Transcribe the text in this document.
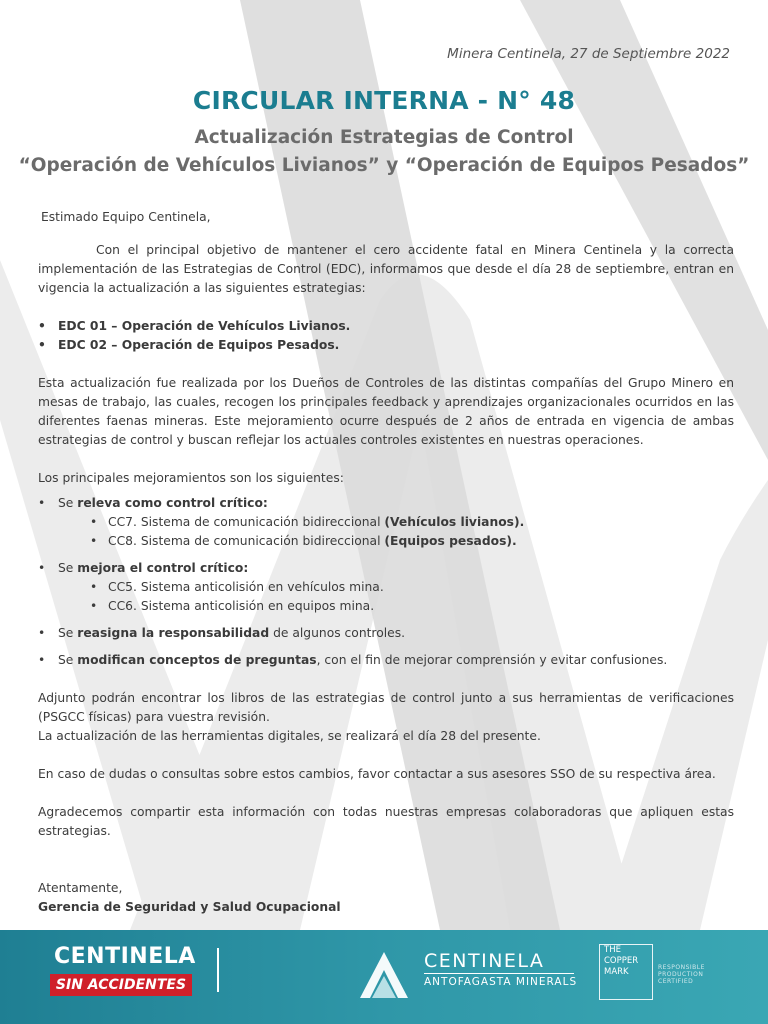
Minera Centinela, 27 de Septiembre 2022
CIRCULAR INTERNA - N° 48
Actualización Estrategias de Control
“Operación de Vehículos Livianos” y “Operación de Equipos Pesados”

Estimado Equipo Centinela,

Con el principal objetivo de mantener el cero accidente fatal en Minera Centinela y la correcta implementación de las Estrategias de Control (EDC), informamos que desde el día 28 de septiembre, entran en vigencia la actualización a las siguientes estrategias:

• EDC 01 – Operación de Vehículos Livianos.
• EDC 02 – Operación de Equipos Pesados.

Esta actualización fue realizada por los Dueños de Controles de las distintas compañías del Grupo Minero en mesas de trabajo, las cuales, recogen los principales feedback y aprendizajes organizacionales ocurridos en las diferentes faenas mineras. Este mejoramiento ocurre después de 2 años de entrada en vigencia de ambas estrategias de control y buscan reflejar los actuales controles existentes en nuestras operaciones.

Los principales mejoramientos son los siguientes:

• Se releva como control crítico:
• CC7. Sistema de comunicación bidireccional (Vehículos livianos).
• CC8. Sistema de comunicación bidireccional (Equipos pesados).
• Se mejora el control crítico:
• CC5. Sistema anticolisión en vehículos mina.
• CC6. Sistema anticolisión en equipos mina.
• Se reasigna la responsabilidad de algunos controles.
• Se modifican conceptos de preguntas, con el fin de mejorar comprensión y evitar confusiones.

Adjunto podrán encontrar los libros de las estrategias de control junto a sus herramientas de verificaciones (PSGCC físicas) para vuestra revisión.

La actualización de las herramientas digitales, se realizará el día 28 del presente.

En caso de dudas o consultas sobre estos cambios, favor contactar a sus asesores SSO de su respectiva área.

Agradecemos compartir esta información con todas nuestras empresas colaboradoras que apliquen estas estrategias.

Atentamente,

Gerencia de Seguridad y Salud Ocupacional

CENTINELA
SIN ACCIDENTES
CENTINELA
ANTOFAGASTA MINERALS
THE
COPPER
MARK	RESPONSIBLE
PRODUCTION
CERTIFIED
